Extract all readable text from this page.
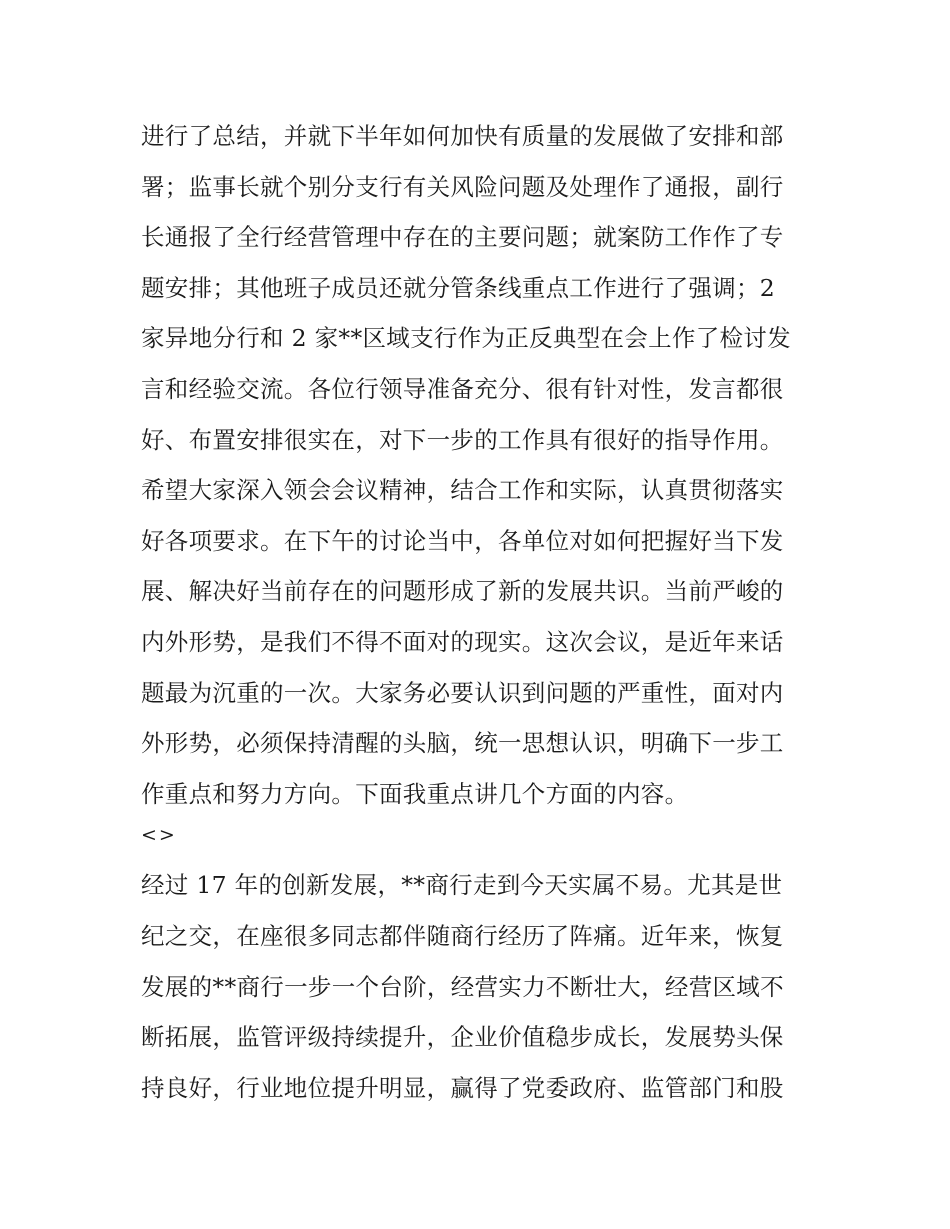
进行了总结，并就下半年如何加快有质量的发展做了安排和部
署；监事长就个别分支行有关风险问题及处理作了通报，副行
长通报了全行经营管理中存在的主要问题；就案防工作作了专
题安排；其他班子成员还就分管条线重点工作进行了强调；2
家异地分行和 2 家**区域支行作为正反典型在会上作了检讨发
言和经验交流。各位行领导准备充分、很有针对性，发言都很
好、布置安排很实在，对下一步的工作具有很好的指导作用。
希望大家深入领会会议精神，结合工作和实际，认真贯彻落实
好各项要求。在下午的讨论当中，各单位对如何把握好当下发
展、解决好当前存在的问题形成了新的发展共识。当前严峻的
内外形势，是我们不得不面对的现实。这次会议，是近年来话
题最为沉重的一次。大家务必要认识到问题的严重性，面对内
外形势，必须保持清醒的头脑，统一思想认识，明确下一步工
作重点和努力方向。下面我重点讲几个方面的内容。
<>
经过 17 年的创新发展，**商行走到今天实属不易。尤其是世
纪之交，在座很多同志都伴随商行经历了阵痛。近年来，恢复
发展的**商行一步一个台阶，经营实力不断壮大，经营区域不
断拓展，监管评级持续提升，企业价值稳步成长，发展势头保
持良好，行业地位提升明显，赢得了党委政府、监管部门和股
